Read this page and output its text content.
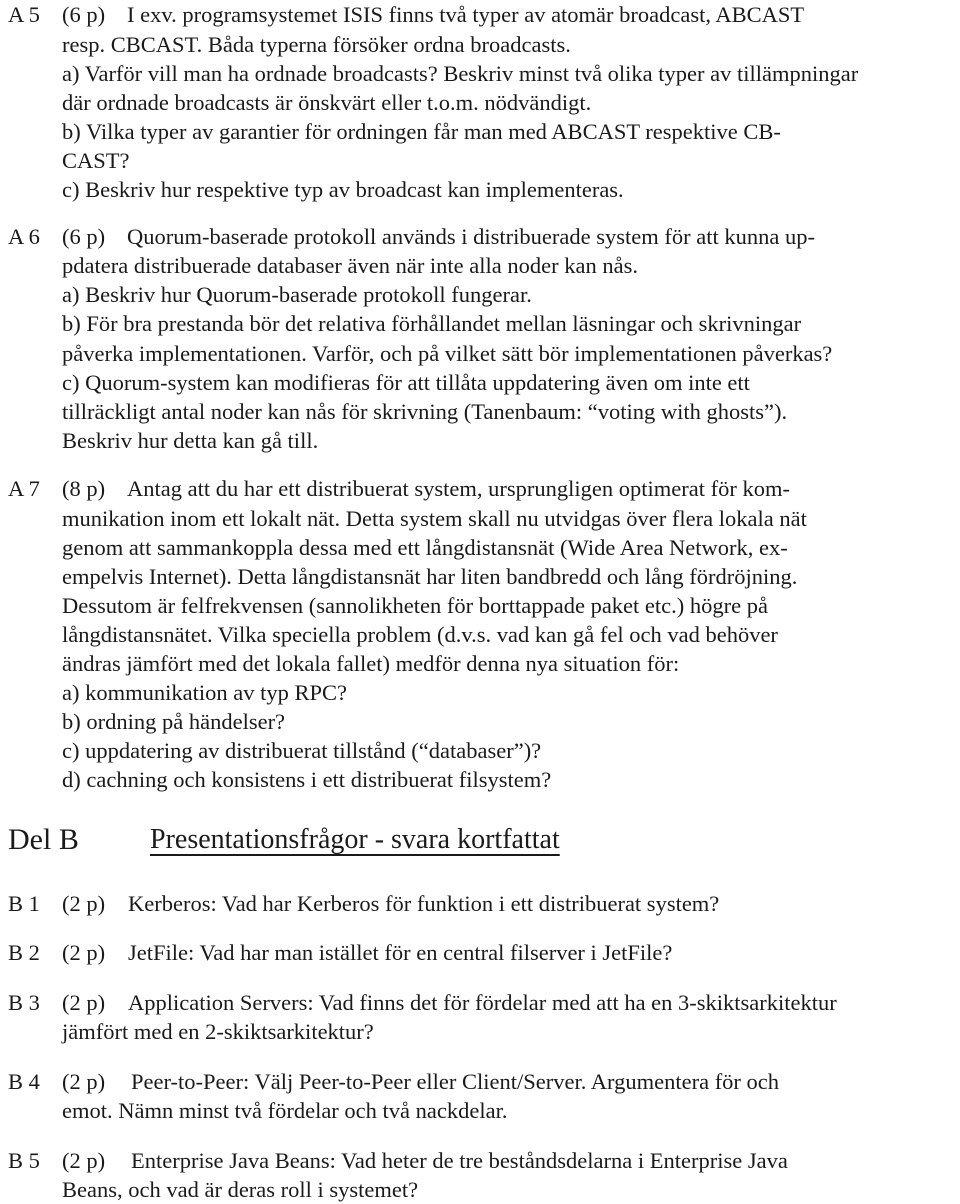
A 5 (6 p) I exv. programsystemet ISIS finns två typer av atomär broadcast, ABCAST
resp. CBCAST. Båda typerna försöker ordna broadcasts.
a) Varför vill man ha ordnade broadcasts? Beskriv minst två olika typer av tillämpningar
där ordnade broadcasts är önskvärt eller t.o.m. nödvändigt.
b) Vilka typer av garantier för ordningen får man med ABCAST respektive CB-
CAST?
c) Beskriv hur respektive typ av broadcast kan implementeras.
A 6 (6 p) Quorum-baserade protokoll används i distribuerade system för att kunna up-
pdatera distribuerade databaser även när inte alla noder kan nås.
a) Beskriv hur Quorum-baserade protokoll fungerar.
b) För bra prestanda bör det relativa förhållandet mellan läsningar och skrivningar
påverka implementationen. Varför, och på vilket sätt bör implementationen påverkas?
c) Quorum-system kan modifieras för att tillåta uppdatering även om inte ett
tillräckligt antal noder kan nås för skrivning (Tanenbaum: “voting with ghosts”).
Beskriv hur detta kan gå till.
A 7 (8 p) Antag att du har ett distribuerat system, ursprungligen optimerat för kom-
munikation inom ett lokalt nät. Detta system skall nu utvidgas över flera lokala nät
genom att sammankoppla dessa med ett långdistansnät (Wide Area Network, ex-
empelvis Internet). Detta långdistansnät har liten bandbredd och lång fördröjning.
Dessutom är felfrekvensen (sannolikheten för borttappade paket etc.) högre på
långdistansnätet. Vilka speciella problem (d.v.s. vad kan gå fel och vad behöver
ändras jämfört med det lokala fallet) medför denna nya situation för:
a) kommunikation av typ RPC?
b) ordning på händelser?
c) uppdatering av distribuerat tillstånd (“databaser”)?
d) cachning och konsistens i ett distribuerat filsystem?
Del B	Presentationsfrågor - svara kortfattat
B 1 (2 p) Kerberos: Vad har Kerberos för funktion i ett distribuerat system?
B 2 (2 p) JetFile: Vad har man istället för en central filserver i JetFile?
B 3 (2 p) Application Servers: Vad finns det för fördelar med att ha en 3-skiktsarkitektur
jämfört med en 2-skiktsarkitektur?
B 4 (2 p) Peer-to-Peer: Välj Peer-to-Peer eller Client/Server. Argumentera för och
emot. Nämn minst två fördelar och två nackdelar.
B 5 (2 p) Enterprise Java Beans: Vad heter de tre beståndsdelarna i Enterprise Java
Beans, och vad är deras roll i systemet?
